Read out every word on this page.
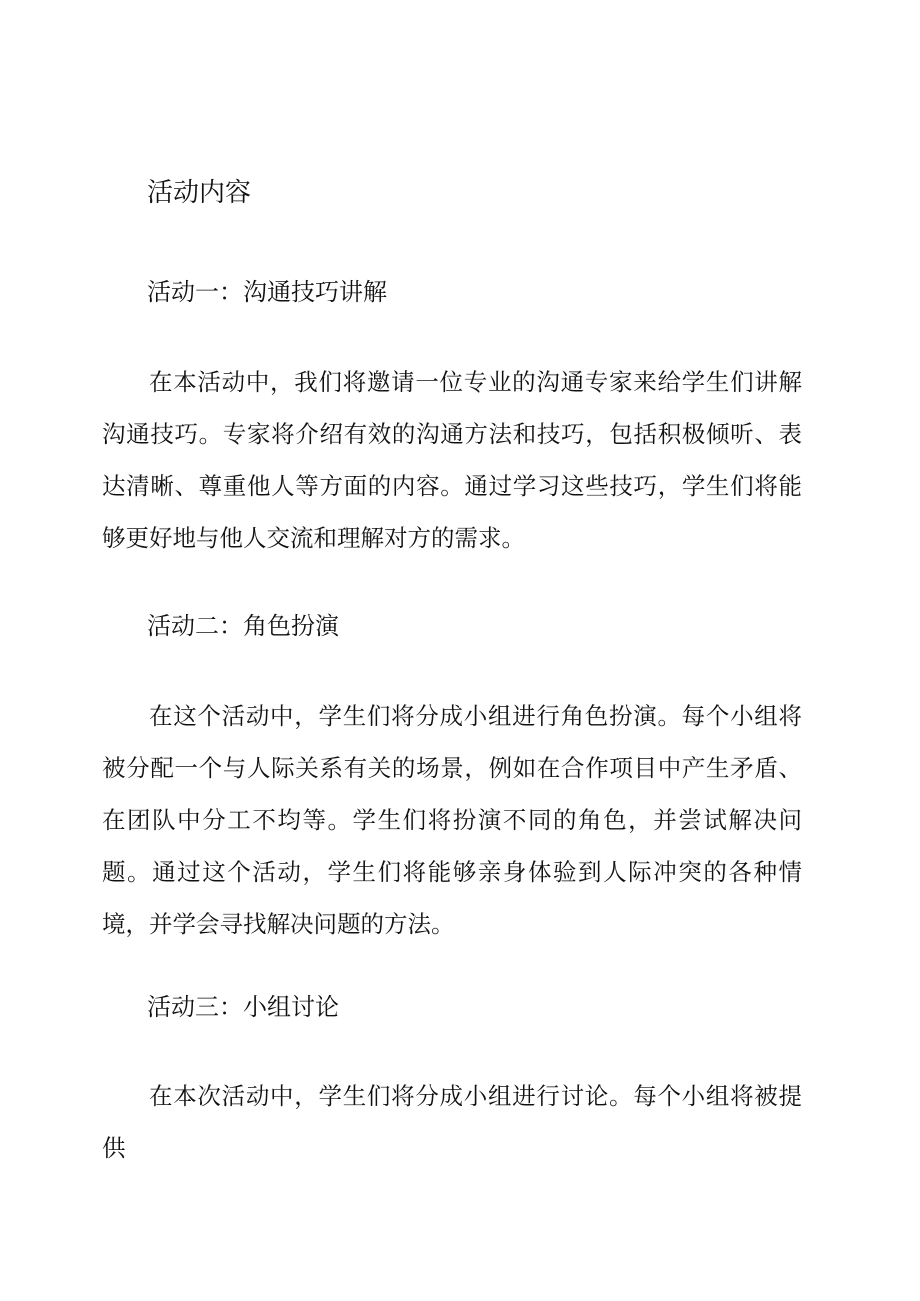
活动内容
活动一：沟通技巧讲解

在本活动中，我们将邀请一位专业的沟通专家来给学生们讲解沟通技巧。专家将介绍有效的沟通方法和技巧，包括积极倾听、表达清晰、尊重他人等方面的内容。通过学习这些技巧，学生们将能够更好地与他人交流和理解对方的需求。

活动二：角色扮演

在这个活动中，学生们将分成小组进行角色扮演。每个小组将被分配一个与人际关系有关的场景，例如在合作项目中产生矛盾、在团队中分工不均等。学生们将扮演不同的角色，并尝试解决问题。通过这个活动，学生们将能够亲身体验到人际冲突的各种情境，并学会寻找解决问题的方法。

活动三：小组讨论

在本次活动中，学生们将分成小组进行讨论。每个小组将被提供
